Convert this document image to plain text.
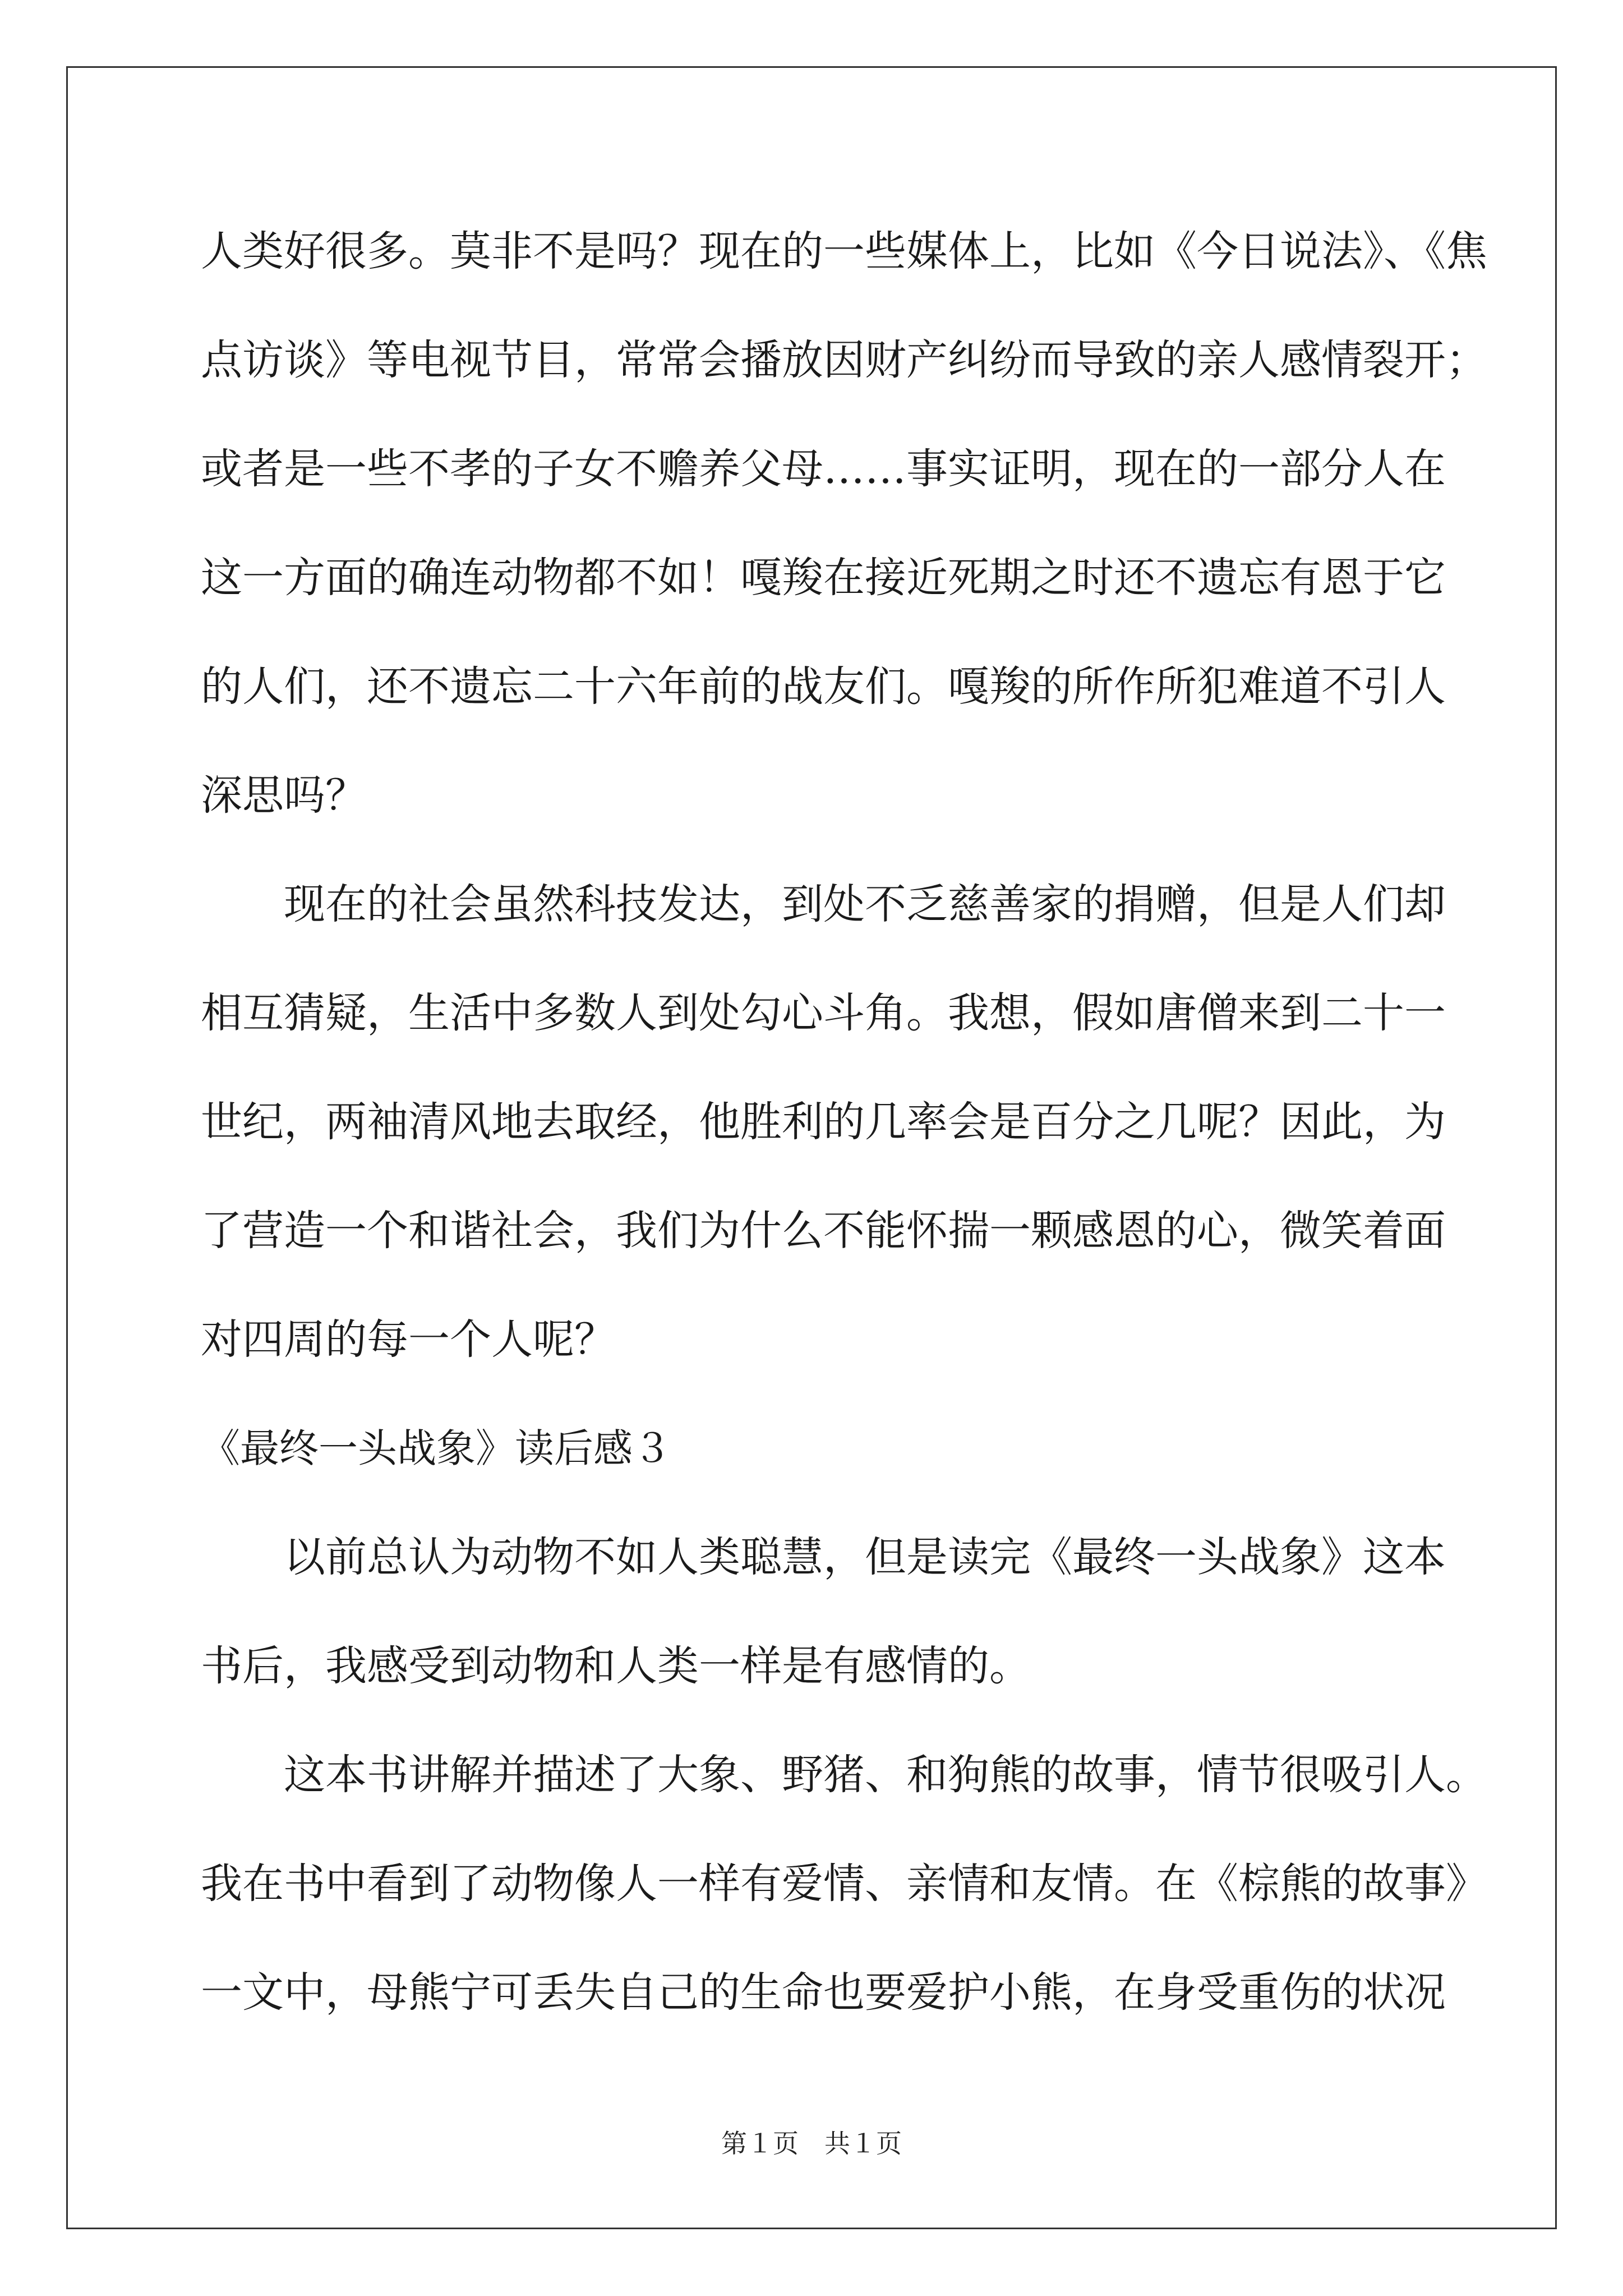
人类好很多。莫非不是吗？现在的一些媒体上，比如《今日说法》、《焦
点访谈》等电视节目，常常会播放因财产纠纷而导致的亲人感情裂开；
或者是一些不孝的子女不赡养父母……事实证明，现在的一部分人在
这一方面的确连动物都不如！嘎羧在接近死期之时还不遗忘有恩于它
的人们，还不遗忘二十六年前的战友们。嘎羧的所作所犯难道不引人
深思吗？
　　现在的社会虽然科技发达，到处不乏慈善家的捐赠，但是人们却
相互猜疑，生活中多数人到处勾心斗角。我想，假如唐僧来到二十一
世纪，两袖清风地去取经，他胜利的几率会是百分之几呢？因此，为
了营造一个和谐社会，我们为什么不能怀揣一颗感恩的心，微笑着面
对四周的每一个人呢？
《最终一头战象》读后感３
　　以前总认为动物不如人类聪慧，但是读完《最终一头战象》这本
书后，我感受到动物和人类一样是有感情的。
　　这本书讲解并描述了大象、野猪、和狗熊的故事，情节很吸引人。
我在书中看到了动物像人一样有爱情、亲情和友情。在《棕熊的故事》
一文中，母熊宁可丢失自己的生命也要爱护小熊，在身受重伤的状况
第１页　共１页
